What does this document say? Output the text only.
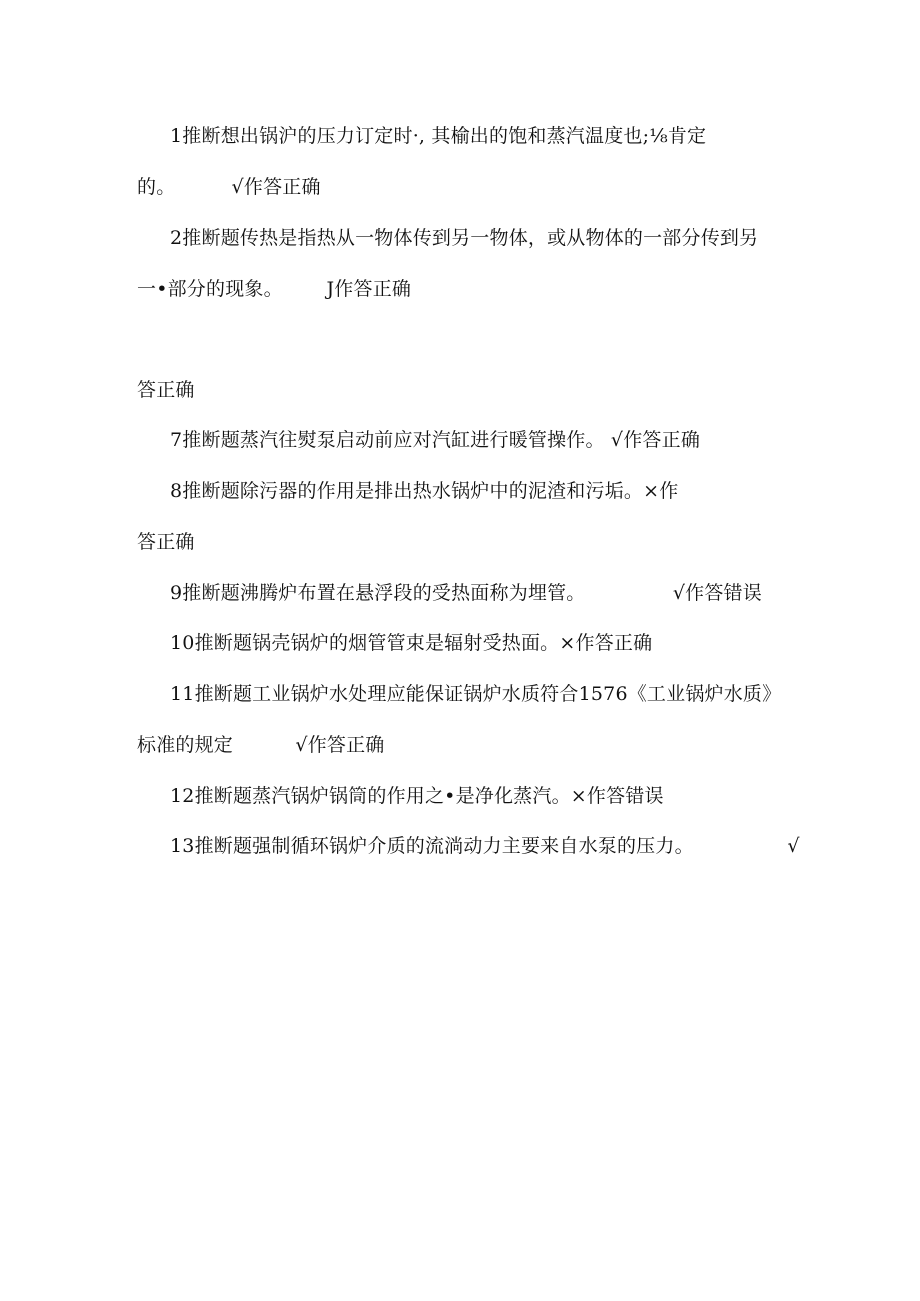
1推断想出锅沪的压力订定时·, 其榆出的饱和蒸汽温度也;⅛肯定
的。         √作答正确
2推断题传热是指热从一物体传到另一物体，或从物体的一部分传到另
一•部分的现象。       J作答正确
答正确
7推断题蒸汽往熨泵启动前应对汽缸进行暖管操作。 √作答正确
8推断题除污器的作用是排出热水锅炉中的泥渣和污垢。×作
答正确
9推断题沸腾炉布置在悬浮段的受热面称为埋管。              √作答错误
10推断题锅壳锅炉的烟管管束是辐射受热面。×作答正确
11推断题工业锅炉水处理应能保证锅炉水质符合1576《工业锅炉水质》
标准的规定          √作答正确
12推断题蒸汽锅炉锅筒的作用之•是净化蒸汽。×作答错误
13推断题强制循环锅炉介质的流淌动力主要来自水泵的压力。               √
